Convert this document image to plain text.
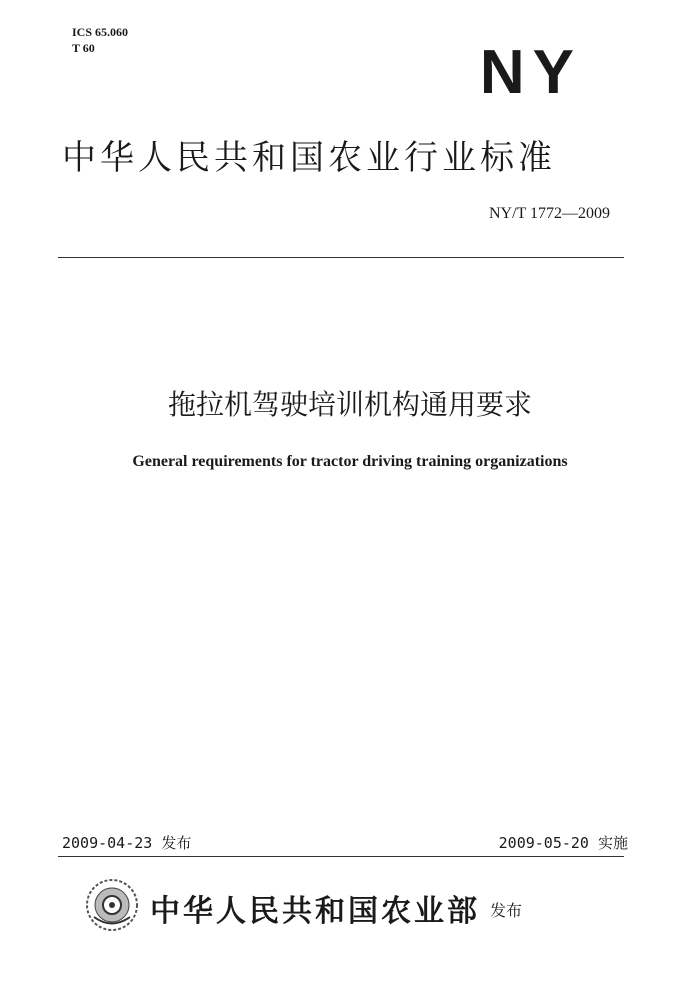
ICS 65.060
T 60	NY
中华人民共和国农业行业标准
NY/T 1772—2009
拖拉机驾驶培训机构通用要求
General requirements for tractor driving training organizations
2009-04-23 发布	2009-05-20 实施
中华人民共和国农业部 发布
